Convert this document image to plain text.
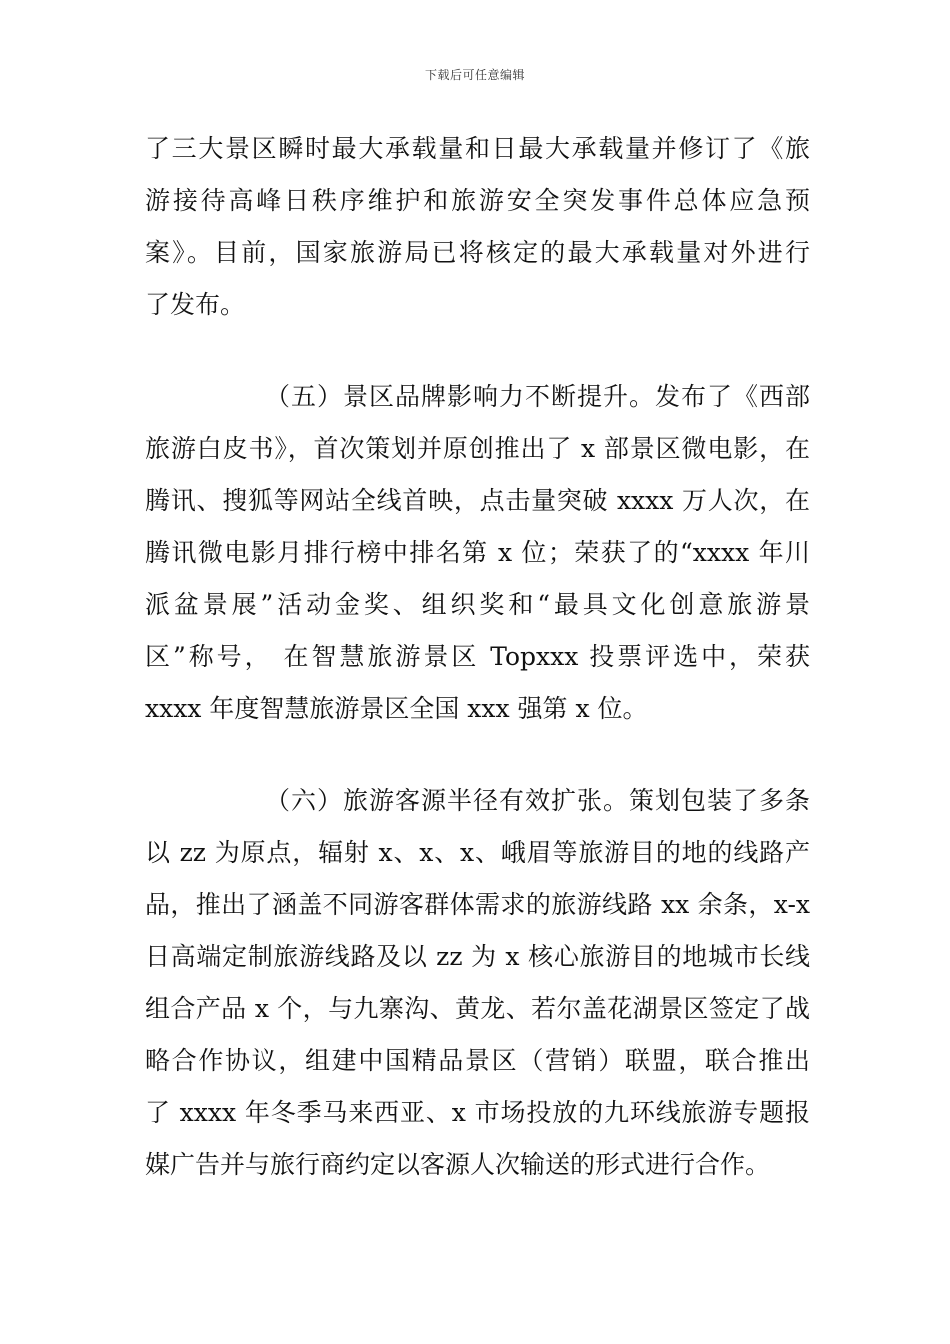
下载后可任意编辑
了三大景区瞬时最大承载量和日最大承载量并修订了《旅
游接待高峰日秩序维护和旅游安全突发事件总体应急预
案》。目前，国家旅游局已将核定的最大承载量对外进行
了发布。
（五）景区品牌影响力不断提升。发布了《西部
旅游白皮书》，首次策划并原创推出了 x 部景区微电影，在
腾讯、搜狐等网站全线首映，点击量突破 xxxx 万人次，在
腾讯微电影月排行榜中排名第 x 位；荣获了的“xxxx 年川
派盆景展”活动金奖、组织奖和“最具文化创意旅游景
区”称号， 在智慧旅游景区 Topxxx 投票评选中，荣获
xxxx 年度智慧旅游景区全国 xxx 强第 x 位。
（六）旅游客源半径有效扩张。策划包装了多条
以 zz 为原点，辐射 x、x、x、峨眉等旅游目的地的线路产
品，推出了涵盖不同游客群体需求的旅游线路 xx 余条，x-x
日高端定制旅游线路及以 zz 为 x 核心旅游目的地城市长线
组合产品 x 个，与九寨沟、黄龙、若尔盖花湖景区签定了战
略合作协议，组建中国精品景区（营销）联盟，联合推出
了 xxxx 年冬季马来西亚、x 市场投放的九环线旅游专题报
媒广告并与旅行商约定以客源人次输送的形式进行合作。
